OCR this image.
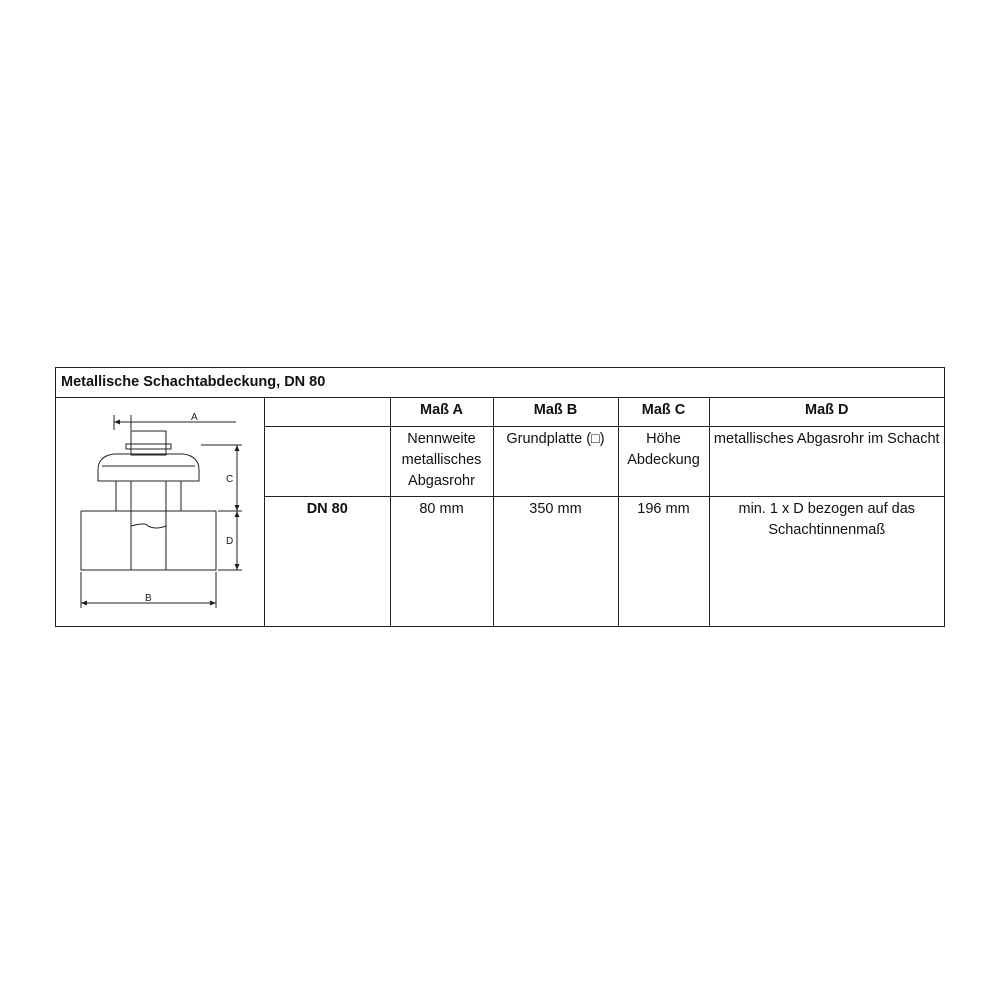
Metallische Schachtabdeckung, DN 80
A
C
D
B
	Maß A	Maß B	Maß C	Maß D
	Nennweite metallisches Abgasrohr	Grundplatte (□)	Höhe Abdeckung	metallisches Abgasrohr im Schacht
DN 80	80 mm	350 mm	196 mm	min. 1 x D bezogen auf das Schachtinnenmaß
